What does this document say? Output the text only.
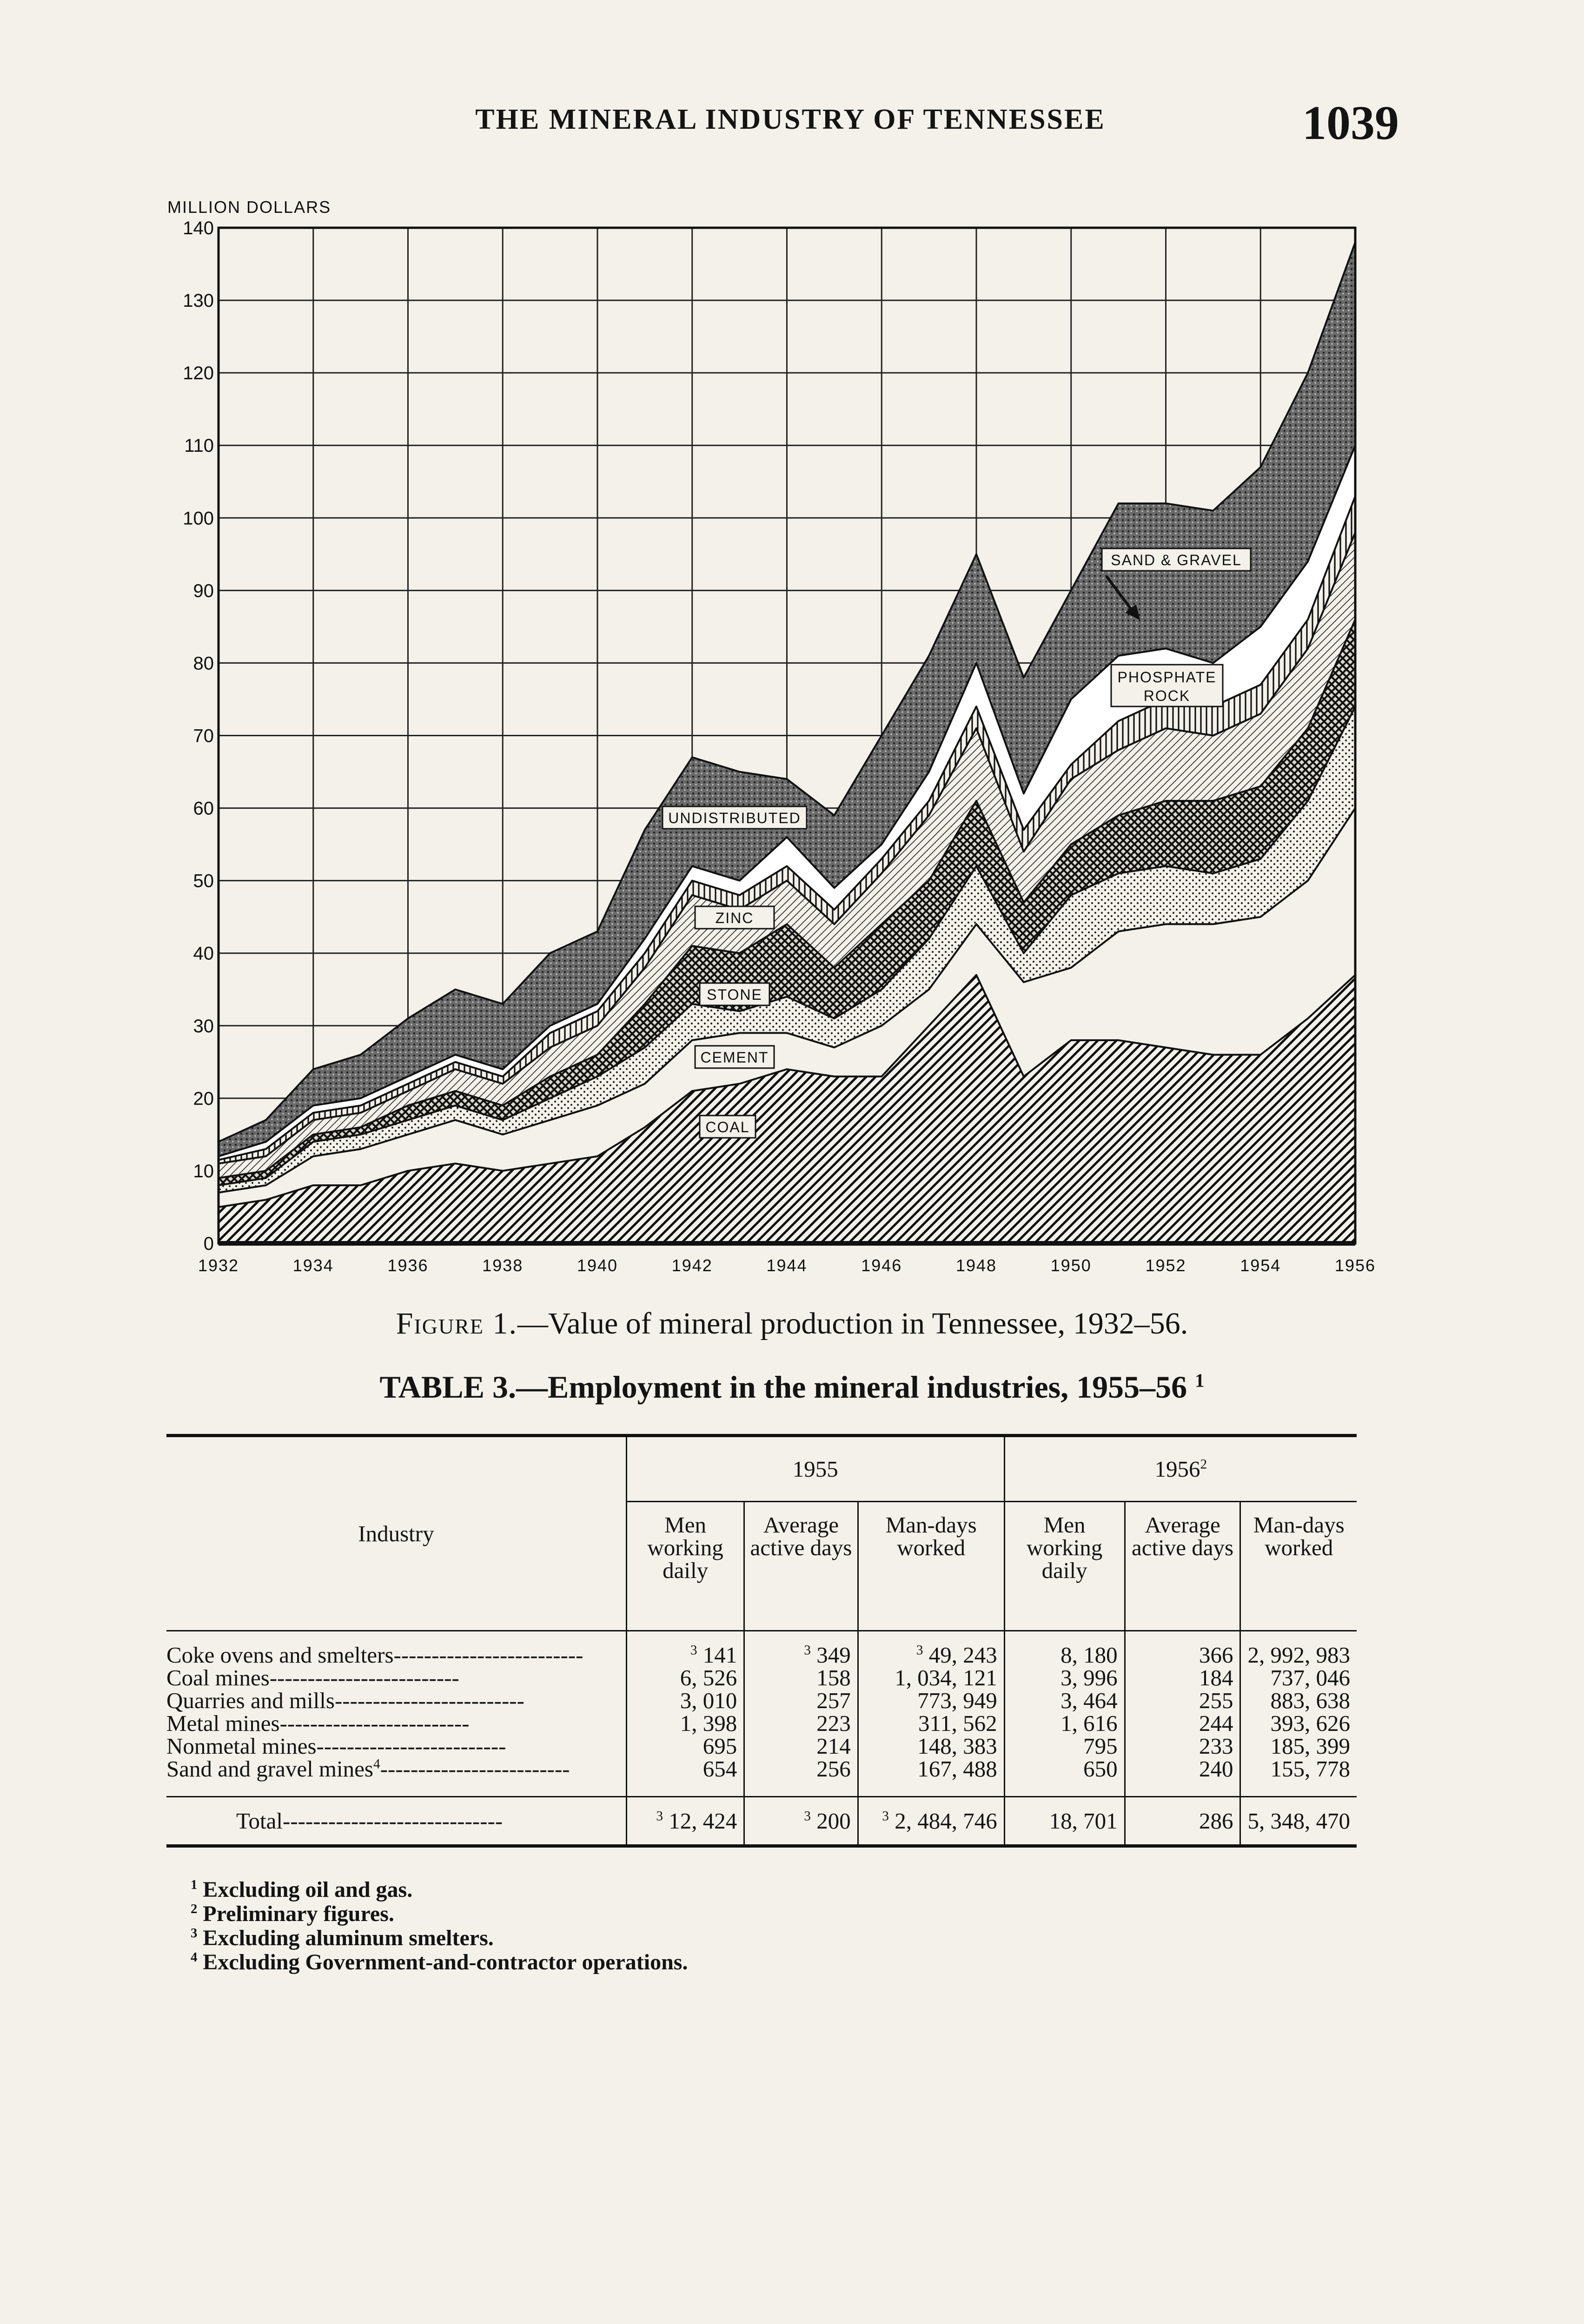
THE MINERAL INDUSTRY OF TENNESSEE	1039
0
10
20
30
40
50
60
70
80
90
100
110
120
130
140
1932	1934	1936	1938	1940	1942	1944	1946	1948	1950	1952	1954	1956
SAND & GRAVEL
PHOSPHATE
ROCK
UNDISTRIBUTED
ZINC
STONE
CEMENT
COAL
MILLION DOLLARS
Figure 1.—Value of mineral production in Tennessee, 1932–56.
TABLE 3.—Employment in the mineral industries, 1955–56 $^1$
Industry	1955			1956$^2$
	Men working daily	Average active days	Man-days worked	Men working daily	Average active days	Man-days worked
Coke ovens and smelters-------------------------	$^3$ 141	$^3$ 349	$^3$ 49, 243	8, 180	366	2, 992, 983
Coal mines-------------------------	6, 526	158	1, 034, 121	3, 996	184	737, 046
Quarries and mills-------------------------	3, 010	257	773, 949	3, 464	255	883, 638
Metal mines-------------------------	1, 398	223	311, 562	1, 616	244	393, 626
Nonmetal mines-------------------------	695	214	148, 383	795	233	185, 399
Sand and gravel mines$^4$-------------------------	654	256	167, 488	650	240	155, 778
Total-----------------------------	$^3$ 12, 424	$^3$ 200	$^3$ 2, 484, 746	18, 701	286	5, 348, 470
$^1$ Excluding oil and gas.
$^2$ Preliminary figures.
$^3$ Excluding aluminum smelters.
$^4$ Excluding Government-and-contractor operations.
